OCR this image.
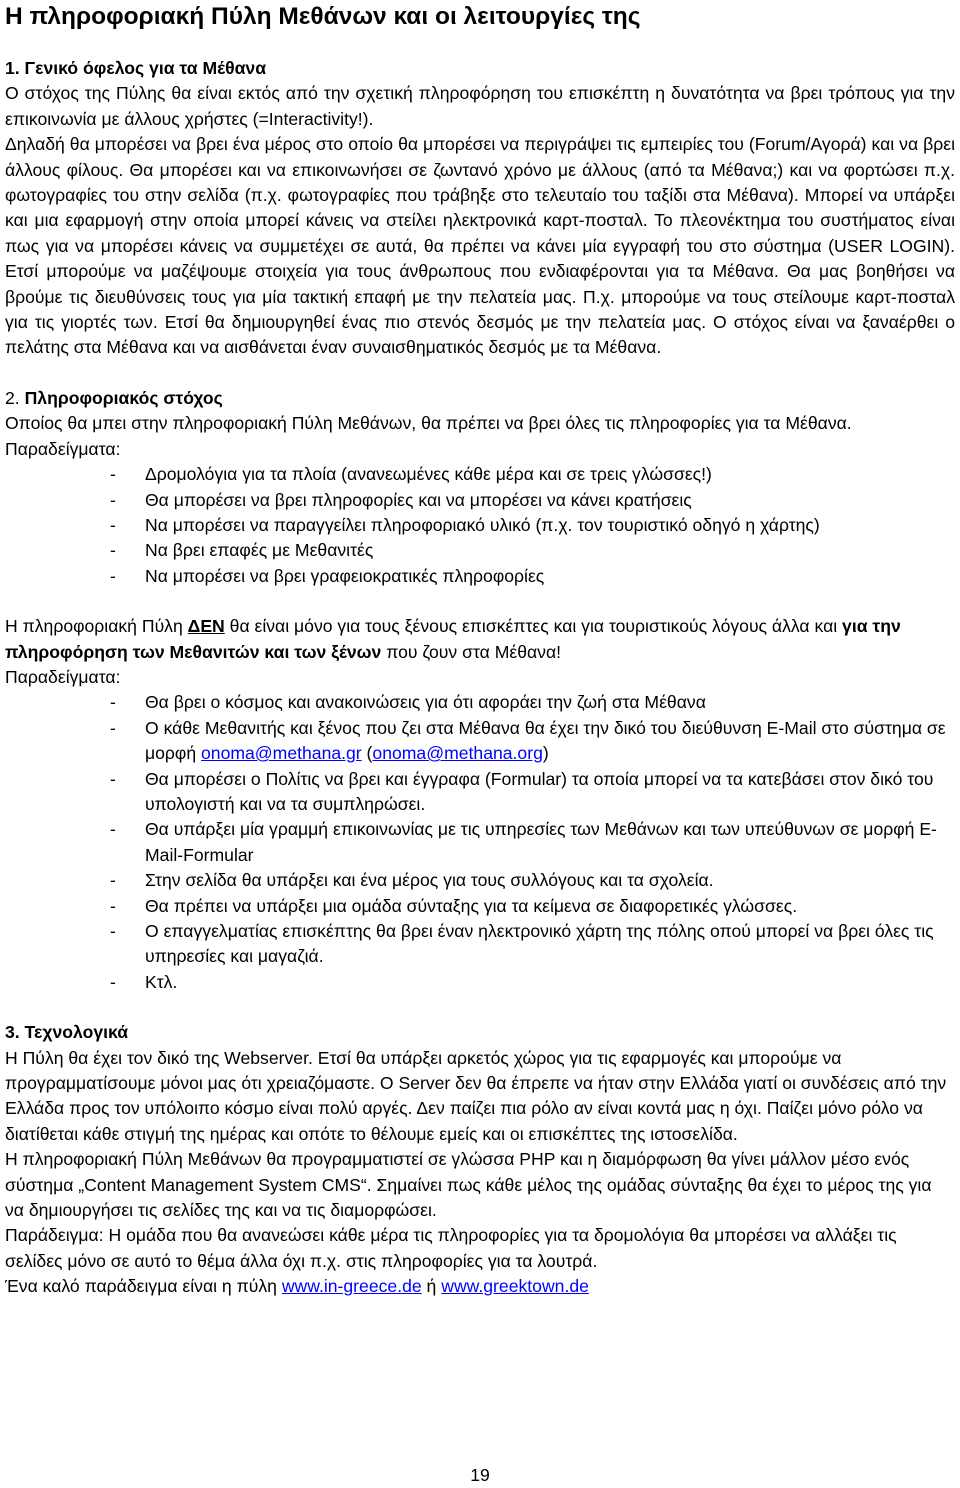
Η πληροφοριακή Πύλη Μεθάνων και οι λειτουργίες της

1. Γενικό όφελος για τα Μέθανα

Ο στόχος της Πύλης θα είναι εκτός από την σχετική πληροφόρηση του επισκέπτη η δυνατότητα να βρει τρόπους για την επικοινωνία με άλλους χρήστες (=Interactivity!).

Δηλαδή θα μπορέσει να βρει ένα μέρος στο οποίο θα μπορέσει να περιγράψει τις εμπειρίες του (Forum/Αγορά) και να βρει άλλους φίλους. Θα μπορέσει και να επικοινωνήσει σε ζωντανό χρόνο με άλλους (από τα Μέθανα;) και να φορτώσει π.χ. φωτογραφίες του στην σελίδα (π.χ. φωτογραφίες που τράβηξε στο τελευταίο του ταξίδι στα Μέθανα). Μπορεί να υπάρξει και μια εφαρμογή στην οποία μπορεί κάνεις να στείλει ηλεκτρονικά καρτ-ποσταλ. Το πλεονέκτημα του συστήματος είναι πως για να μπορέσει κάνεις να συμμετέχει σε αυτά, θα πρέπει να κάνει μία εγγραφή του στο σύστημα (USER LOGIN). Ετσί μπορούμε να μαζέψουμε στοιχεία για τους άνθρωπους που ενδιαφέρονται για τα Μέθανα. Θα μας βοηθήσει να βρούμε τις διευθύνσεις τους για μία τακτική επαφή με την πελατεία μας. Π.χ. μπορούμε να τους στείλουμε καρτ-ποσταλ για τις γιορτές των. Ετσί θα δημιουργηθεί ένας πιο στενός δεσμός με την πελατεία μας. Ο στόχος είναι να ξαναέρθει ο πελάτης στα Μέθανα και να αισθάνεται έναν συναισθηματικός δεσμός με τα Μέθανα.

2. Πληροφοριακός στόχος

Οποίος θα μπει στην πληροφοριακή Πύλη Μεθάνων, θα πρέπει να βρει όλες τις πληροφορίες για τα Μέθανα.

Παραδείγματα:

- Δρομολόγια για τα πλοία (ανανεωμένες κάθε μέρα και σε τρεις γλώσσες!)
- Θα μπορέσει να βρει πληροφορίες και να μπορέσει να κάνει κρατήσεις
- Να μπορέσει να παραγγείλει πληροφοριακό υλικό (π.χ. τον τουριστικό οδηγό η χάρτης)
- Να βρει επαφές με Μεθανιτές
- Να μπορέσει να βρει γραφειοκρατικές πληροφορίες

Η πληροφοριακή Πύλη ΔΕΝ θα είναι μόνο για τους ξένους επισκέπτες και για τουριστικούς λόγους άλλα και για την πληροφόρηση των Μεθανιτών και των ξένων που ζουν στα Μέθανα!

Παραδείγματα:

- Θα βρει ο κόσμος και ανακοινώσεις για ότι αφοράει την ζωή στα Μέθανα
- Ο κάθε Μεθανιτής και ξένος που ζει στα Μέθανα θα έχει την δικό του διεύθυνση E-Mail στο σύστημα σε μορφή onoma@methana.gr (onoma@methana.org)
- Θα μπορέσει ο Πολίτις να βρει και έγγραφα (Formular) τα οποία μπορεί να τα κατεβάσει στον δικό του υπολογιστή και να τα συμπληρώσει.
- Θα υπάρξει μία γραμμή επικοινωνίας με τις υπηρεσίες των Μεθάνων και των υπεύθυνων σε μορφή E-Mail-Formular
- Στην σελίδα θα υπάρξει και ένα μέρος για τους συλλόγους και τα σχολεία.
- Θα πρέπει να υπάρξει μια ομάδα σύνταξης για τα κείμενα σε διαφορετικές γλώσσες.
- Ο επαγγελματίας επισκέπτης θα βρει έναν ηλεκτρονικό χάρτη της πόλης οπού μπορεί να βρει όλες τις υπηρεσίες και μαγαζιά.
- Κτλ.

3. Τεχνολογικά

Η Πύλη θα έχει τον δικό της Webserver. Ετσί θα υπάρξει αρκετός χώρος για τις εφαρμογές και μπορούμε να προγραμματίσουμε μόνοι μας ότι χρειαζόμαστε. Ο Server δεν θα έπρεπε να ήταν στην Ελλάδα γιατί οι συνδέσεις από την Ελλάδα προς τον υπόλοιπο κόσμο είναι πολύ αργές. Δεν παίζει πια ρόλο αν είναι κοντά μας η όχι. Παίζει μόνο ρόλο να διατίθεται κάθε στιγμή της ημέρας και οπότε το θέλουμε εμείς και οι επισκέπτες της ιστοσελίδα.

Η πληροφοριακή Πύλη Μεθάνων θα προγραμματιστεί σε γλώσσα PHP και η διαμόρφωση θα γίνει μάλλον μέσο ενός σύστημα „Content Management System CMS“. Σημαίνει πως κάθε μέλος της ομάδας σύνταξης θα έχει το μέρος της για να δημιουργήσει τις σελίδες της και να τις διαμορφώσει.

Παράδειγμα: Η ομάδα που θα ανανεώσει κάθε μέρα τις πληροφορίες για τα δρομολόγια θα μπορέσει να αλλάξει τις σελίδες μόνο σε αυτό το θέμα άλλα όχι π.χ. στις πληροφορίες για τα λουτρά.

Ένα καλό παράδειγμα είναι η πύλη www.in-greece.de ή www.greektown.de

19
